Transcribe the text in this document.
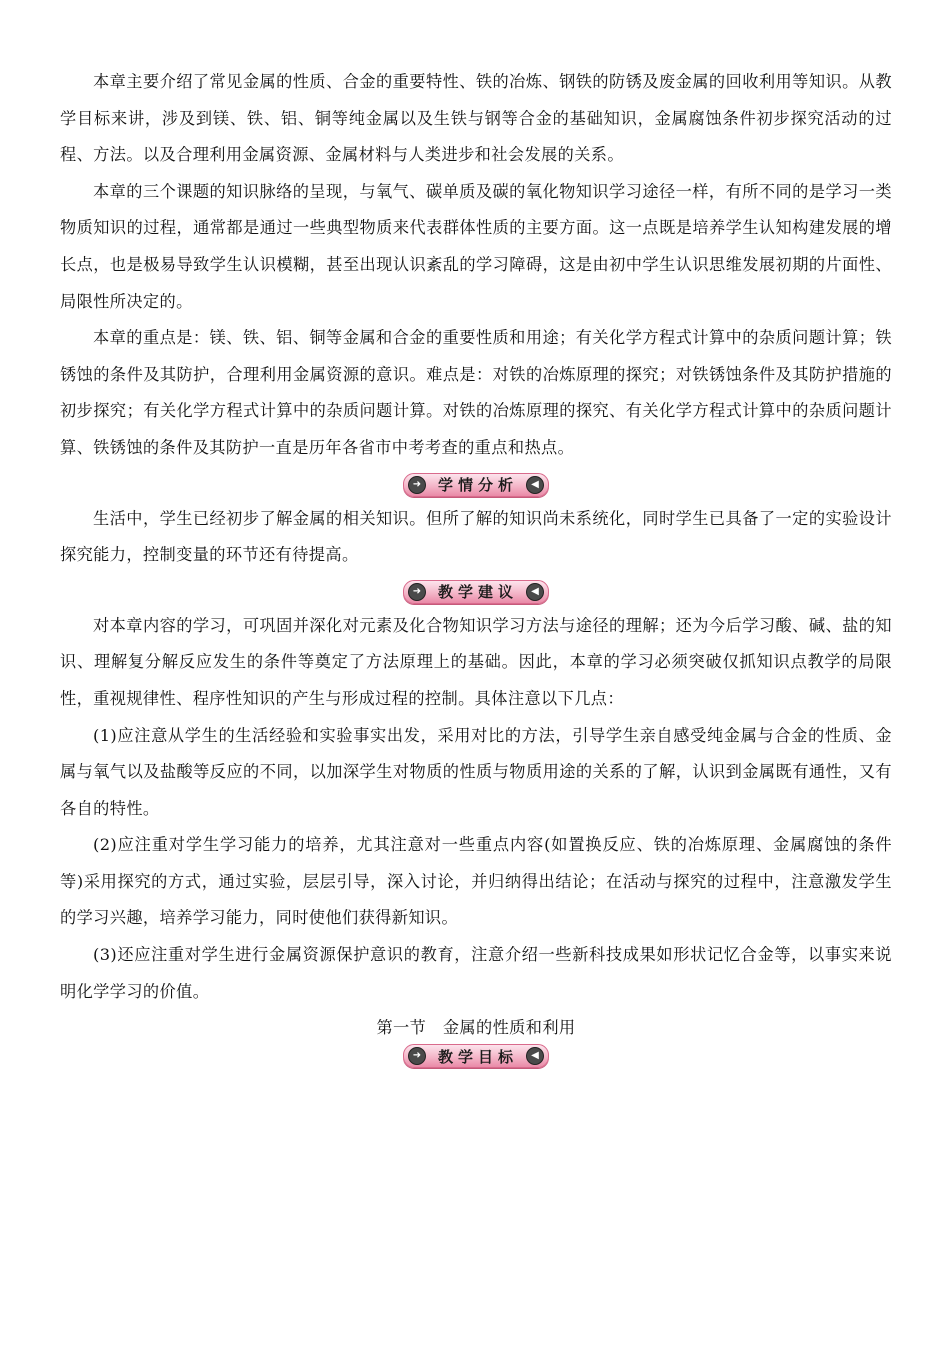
本章主要介绍了常见金属的性质、合金的重要特性、铁的冶炼、钢铁的防锈及废金属的回收利用等知识。从教学目标来讲，涉及到镁、铁、铝、铜等纯金属以及生铁与钢等合金的基础知识，金属腐蚀条件初步探究活动的过程、方法。以及合理利用金属资源、金属材料与人类进步和社会发展的关系。

本章的三个课题的知识脉络的呈现，与氧气、碳单质及碳的氧化物知识学习途径一样，有所不同的是学习一类物质知识的过程，通常都是通过一些典型物质来代表群体性质的主要方面。这一点既是培养学生认知构建发展的增长点，也是极易导致学生认识模糊，甚至出现认识紊乱的学习障碍，这是由初中学生认识思维发展初期的片面性、局限性所决定的。

本章的重点是：镁、铁、铝、铜等金属和合金的重要性质和用途；有关化学方程式计算中的杂质问题计算；铁锈蚀的条件及其防护，合理利用金属资源的意识。难点是：对铁的冶炼原理的探究；对铁锈蚀条件及其防护措施的初步探究；有关化学方程式计算中的杂质问题计算。对铁的冶炼原理的探究、有关化学方程式计算中的杂质问题计算、铁锈蚀的条件及其防护一直是历年各省市中考考查的重点和热点。

➜	学情分析	◀

生活中，学生已经初步了解金属的相关知识。但所了解的知识尚未系统化，同时学生已具备了一定的实验设计探究能力，控制变量的环节还有待提高。

➜	教学建议	◀

对本章内容的学习，可巩固并深化对元素及化合物知识学习方法与途径的理解；还为今后学习酸、碱、盐的知识、理解复分解反应发生的条件等奠定了方法原理上的基础。因此，本章的学习必须突破仅抓知识点教学的局限性，重视规律性、程序性知识的产生与形成过程的控制。具体注意以下几点：

(1)应注意从学生的生活经验和实验事实出发，采用对比的方法，引导学生亲自感受纯金属与合金的性质、金属与氧气以及盐酸等反应的不同，以加深学生对物质的性质与物质用途的关系的了解，认识到金属既有通性，又有各自的特性。

(2)应注重对学生学习能力的培养，尤其注意对一些重点内容(如置换反应、铁的冶炼原理、金属腐蚀的条件等)采用探究的方式，通过实验，层层引导，深入讨论，并归纳得出结论；在活动与探究的过程中，注意激发学生的学习兴趣，培养学习能力，同时使他们获得新知识。

(3)还应注重对学生进行金属资源保护意识的教育，注意介绍一些新科技成果如形状记忆合金等，以事实来说明化学学习的价值。

第一节　金属的性质和利用
➜	教学目标	◀
